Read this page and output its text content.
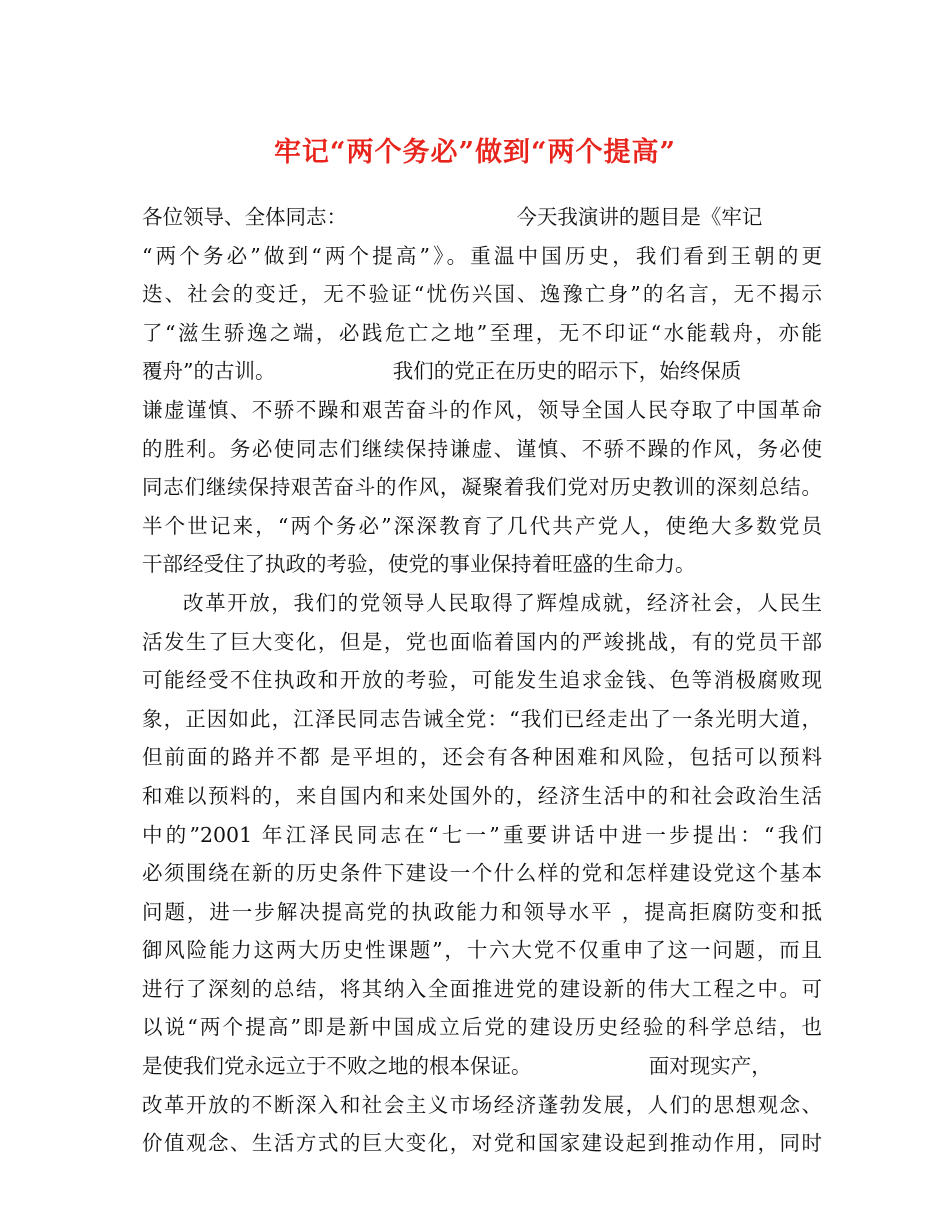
牢记“两个务必”做到“两个提高”
各位领导、全体同志：                          今天我演讲的题目是《牢记
“两个务必”做到“两个提高”》。重温中国历史，我们看到王朝的更
迭、社会的变迁，无不验证“忧伤兴国、逸豫亡身”的名言，无不揭示
了“滋生骄逸之端，必践危亡之地”至理，无不印证“水能载舟，亦能
覆舟”的古训。                  我们的党正在历史的昭示下，始终保质
谦虚谨慎、不骄不躁和艰苦奋斗的作风，领导全国人民夺取了中国革命
的胜利。务必使同志们继续保持谦虚、谨慎、不骄不躁的作风，务必使
同志们继续保持艰苦奋斗的作风，凝聚着我们党对历史教训的深刻总结。
半个世记来，“两个务必”深深教育了几代共产党人，使绝大多数党员
干部经受住了执政的考验，使党的事业保持着旺盛的生命力。
改革开放，我们的党领导人民取得了辉煌成就，经济社会，人民生
活发生了巨大变化，但是，党也面临着国内的严竣挑战，有的党员干部
可能经受不住执政和开放的考验，可能发生追求金钱、色等消极腐败现
象，正因如此，江泽民同志告诫全党：“我们已经走出了一条光明大道，
但前面的路并不都 是平坦的，还会有各种困难和风险，包括可以预料
和难以预料的，来自国内和来处国外的，经济生活中的和社会政治生活
中的”2001 年江泽民同志在“七一”重要讲话中进一步提出：“我们
必须围绕在新的历史条件下建设一个什么样的党和怎样建设党这个基本
问题，进一步解决提高党的执政能力和领导水平 ，提高拒腐防变和抵
御风险能力这两大历史性课题”，十六大党不仅重申了这一问题，而且
进行了深刻的总结，将其纳入全面推进党的建设新的伟大工程之中。可
以说“两个提高”即是新中国成立后党的建设历史经验的科学总结，也
是使我们党永远立于不败之地的根本保证。                  面对现实产，
改革开放的不断深入和社会主义市场经济蓬勃发展，人们的思想观念、
价值观念、生活方式的巨大变化，对党和国家建设起到推动作用，同时
